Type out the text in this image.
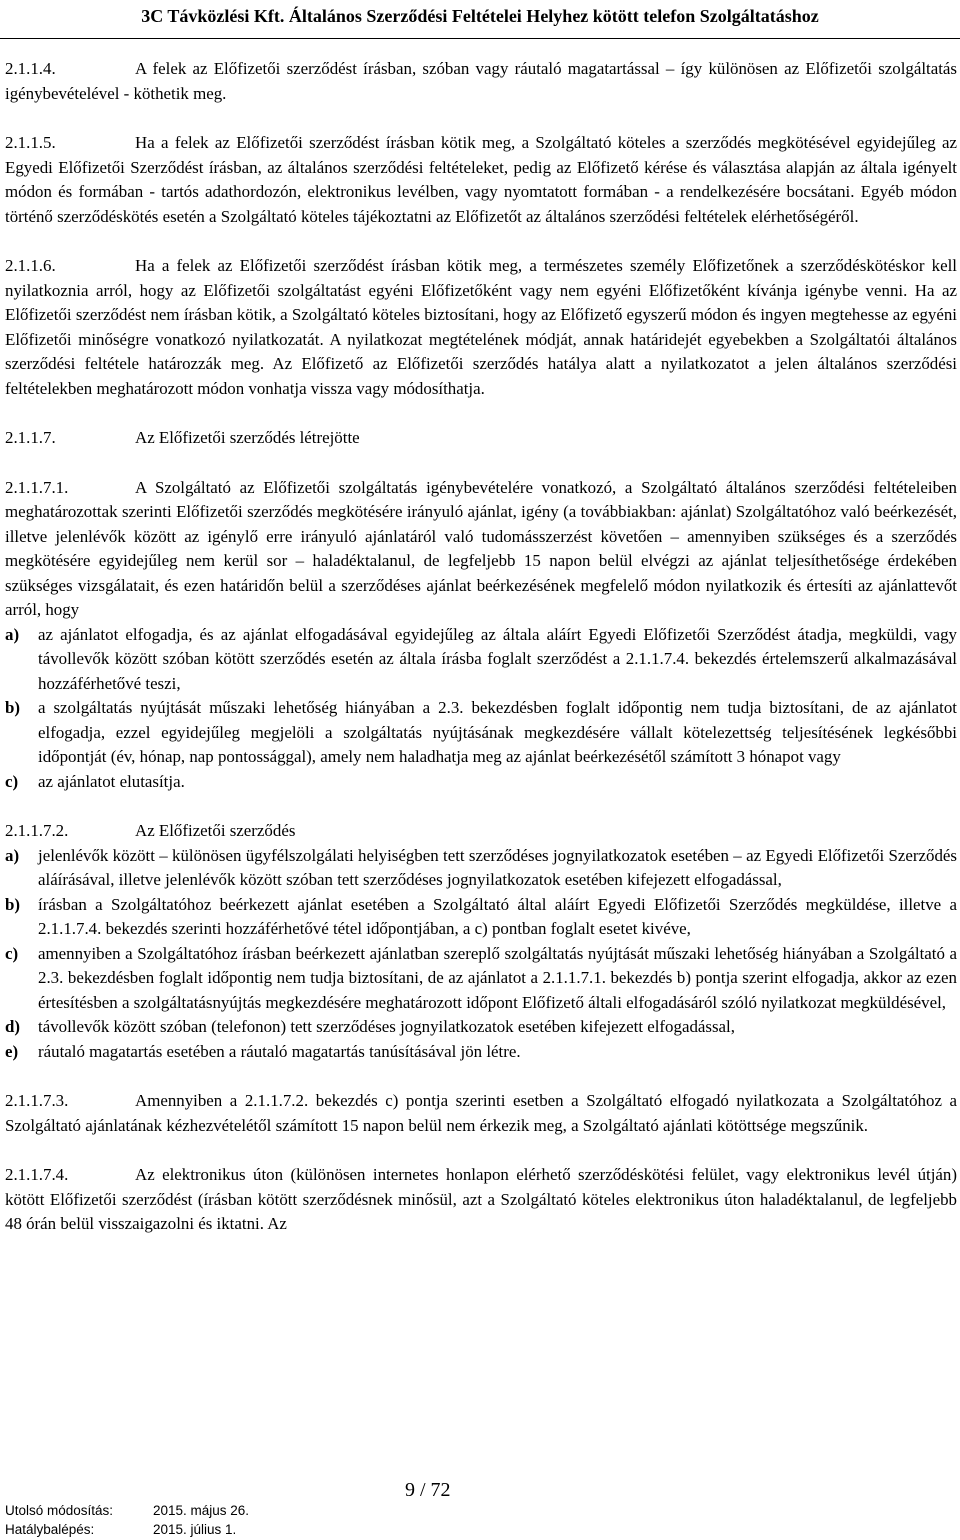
3C Távközlési Kft. Általános Szerződési Feltételei Helyhez kötött telefon Szolgáltatáshoz

2.1.1.4.	A felek az Előfizetői szerződést írásban, szóban vagy ráutaló magatartással – így különösen az Előfizetői szolgáltatás igénybevételével - köthetik meg.

2.1.1.5.	Ha a felek az Előfizetői szerződést írásban kötik meg, a Szolgáltató köteles a szerződés megkötésével egyidejűleg az Egyedi Előfizetői Szerződést írásban, az általános szerződési feltételeket, pedig az Előfizető kérése és választása alapján az általa igényelt módon és formában - tartós adathordozón, elektronikus levélben, vagy nyomtatott formában - a rendelkezésére bocsátani. Egyéb módon történő szerződéskötés esetén a Szolgáltató köteles tájékoztatni az Előfizetőt az általános szerződési feltételek elérhetőségéről.

2.1.1.6.	Ha a felek az Előfizetői szerződést írásban kötik meg, a természetes személy Előfizetőnek a szerződéskötéskor kell nyilatkoznia arról, hogy az Előfizetői szolgáltatást egyéni Előfizetőként vagy nem egyéni Előfizetőként kívánja igénybe venni. Ha az Előfizetői szerződést nem írásban kötik, a Szolgáltató köteles biztosítani, hogy az Előfizető egyszerű módon és ingyen megtehesse az egyéni Előfizetői minőségre vonatkozó nyilatkozatát. A nyilatkozat megtételének módját, annak határidejét egyebekben a Szolgáltatói általános szerződési feltétele határozzák meg. Az Előfizető az Előfizetői szerződés hatálya alatt a nyilatkozatot a jelen általános szerződési feltételekben meghatározott módon vonhatja vissza vagy módosíthatja.

2.1.1.7.	Az Előfizetői szerződés létrejötte

2.1.1.7.1.	A Szolgáltató az Előfizetői szolgáltatás igénybevételére vonatkozó, a Szolgáltató általános szerződési feltételeiben meghatározottak szerinti Előfizetői szerződés megkötésére irányuló ajánlat, igény (a továbbiakban: ajánlat) Szolgáltatóhoz való beérkezését, illetve jelenlévők között az igénylő erre irányuló ajánlatáról való tudomásszerzést követően – amennyiben szükséges és a szerződés megkötésére egyidejűleg nem kerül sor – haladéktalanul, de legfeljebb 15 napon belül elvégzi az ajánlat teljesíthetősége érdekében szükséges vizsgálatait, és ezen határidőn belül a szerződéses ajánlat beérkezésének megfelelő módon nyilatkozik és értesíti az ajánlattevőt arról, hogy

a)	az ajánlatot elfogadja, és az ajánlat elfogadásával egyidejűleg az általa aláírt Egyedi Előfizetői Szerződést átadja, megküldi, vagy távollevők között szóban kötött szerződés esetén az általa írásba foglalt szerződést a 2.1.1.7.4. bekezdés értelemszerű alkalmazásával hozzáférhetővé teszi,
b)	a szolgáltatás nyújtását műszaki lehetőség hiányában a 2.3. bekezdésben foglalt időpontig nem tudja biztosítani, de az ajánlatot elfogadja, ezzel egyidejűleg megjelöli a szolgáltatás nyújtásának megkezdésére vállalt kötelezettség teljesítésének legkésőbbi időpontját (év, hónap, nap pontossággal), amely nem haladhatja meg az ajánlat beérkezésétől számított 3 hónapot vagy
c)	az ajánlatot elutasítja.

2.1.1.7.2.	Az Előfizetői szerződés

a)	jelenlévők között – különösen ügyfélszolgálati helyiségben tett szerződéses jognyilatkozatok esetében – az Egyedi Előfizetői Szerződés aláírásával, illetve jelenlévők között szóban tett szerződéses jognyilatkozatok esetében kifejezett elfogadással,
b)	írásban a Szolgáltatóhoz beérkezett ajánlat esetében a Szolgáltató által aláírt Egyedi Előfizetői Szerződés megküldése, illetve a 2.1.1.7.4. bekezdés szerinti hozzáférhetővé tétel időpontjában, a c) pontban foglalt esetet kivéve,
c)	amennyiben a Szolgáltatóhoz írásban beérkezett ajánlatban szereplő szolgáltatás nyújtását műszaki lehetőség hiányában a Szolgáltató a 2.3. bekezdésben foglalt időpontig nem tudja biztosítani, de az ajánlatot a 2.1.1.7.1. bekezdés b) pontja szerint elfogadja, akkor az ezen értesítésben a szolgáltatásnyújtás megkezdésére meghatározott időpont Előfizető általi elfogadásáról szóló nyilatkozat megküldésével,
d)	távollevők között szóban (telefonon) tett szerződéses jognyilatkozatok esetében kifejezett elfogadással,
e)	ráutaló magatartás esetében a ráutaló magatartás tanúsításával jön létre.

2.1.1.7.3.	Amennyiben a 2.1.1.7.2. bekezdés c) pontja szerinti esetben a Szolgáltató elfogadó nyilatkozata a Szolgáltatóhoz a Szolgáltató ajánlatának kézhezvételétől számított 15 napon belül nem érkezik meg, a Szolgáltató ajánlati kötöttsége megszűnik.

2.1.1.7.4.	Az elektronikus úton (különösen internetes honlapon elérhető szerződéskötési felület, vagy elektronikus levél útján) kötött Előfizetői szerződést (írásban kötött szerződésnek minősül, azt a Szolgáltató köteles elektronikus úton haladéktalanul, de legfeljebb 48 órán belül visszaigazolni és iktatni. Az

9 / 72
Utolsó módosítás:	2015. május 26.
Hatálybalépés:	2015. július 1.
